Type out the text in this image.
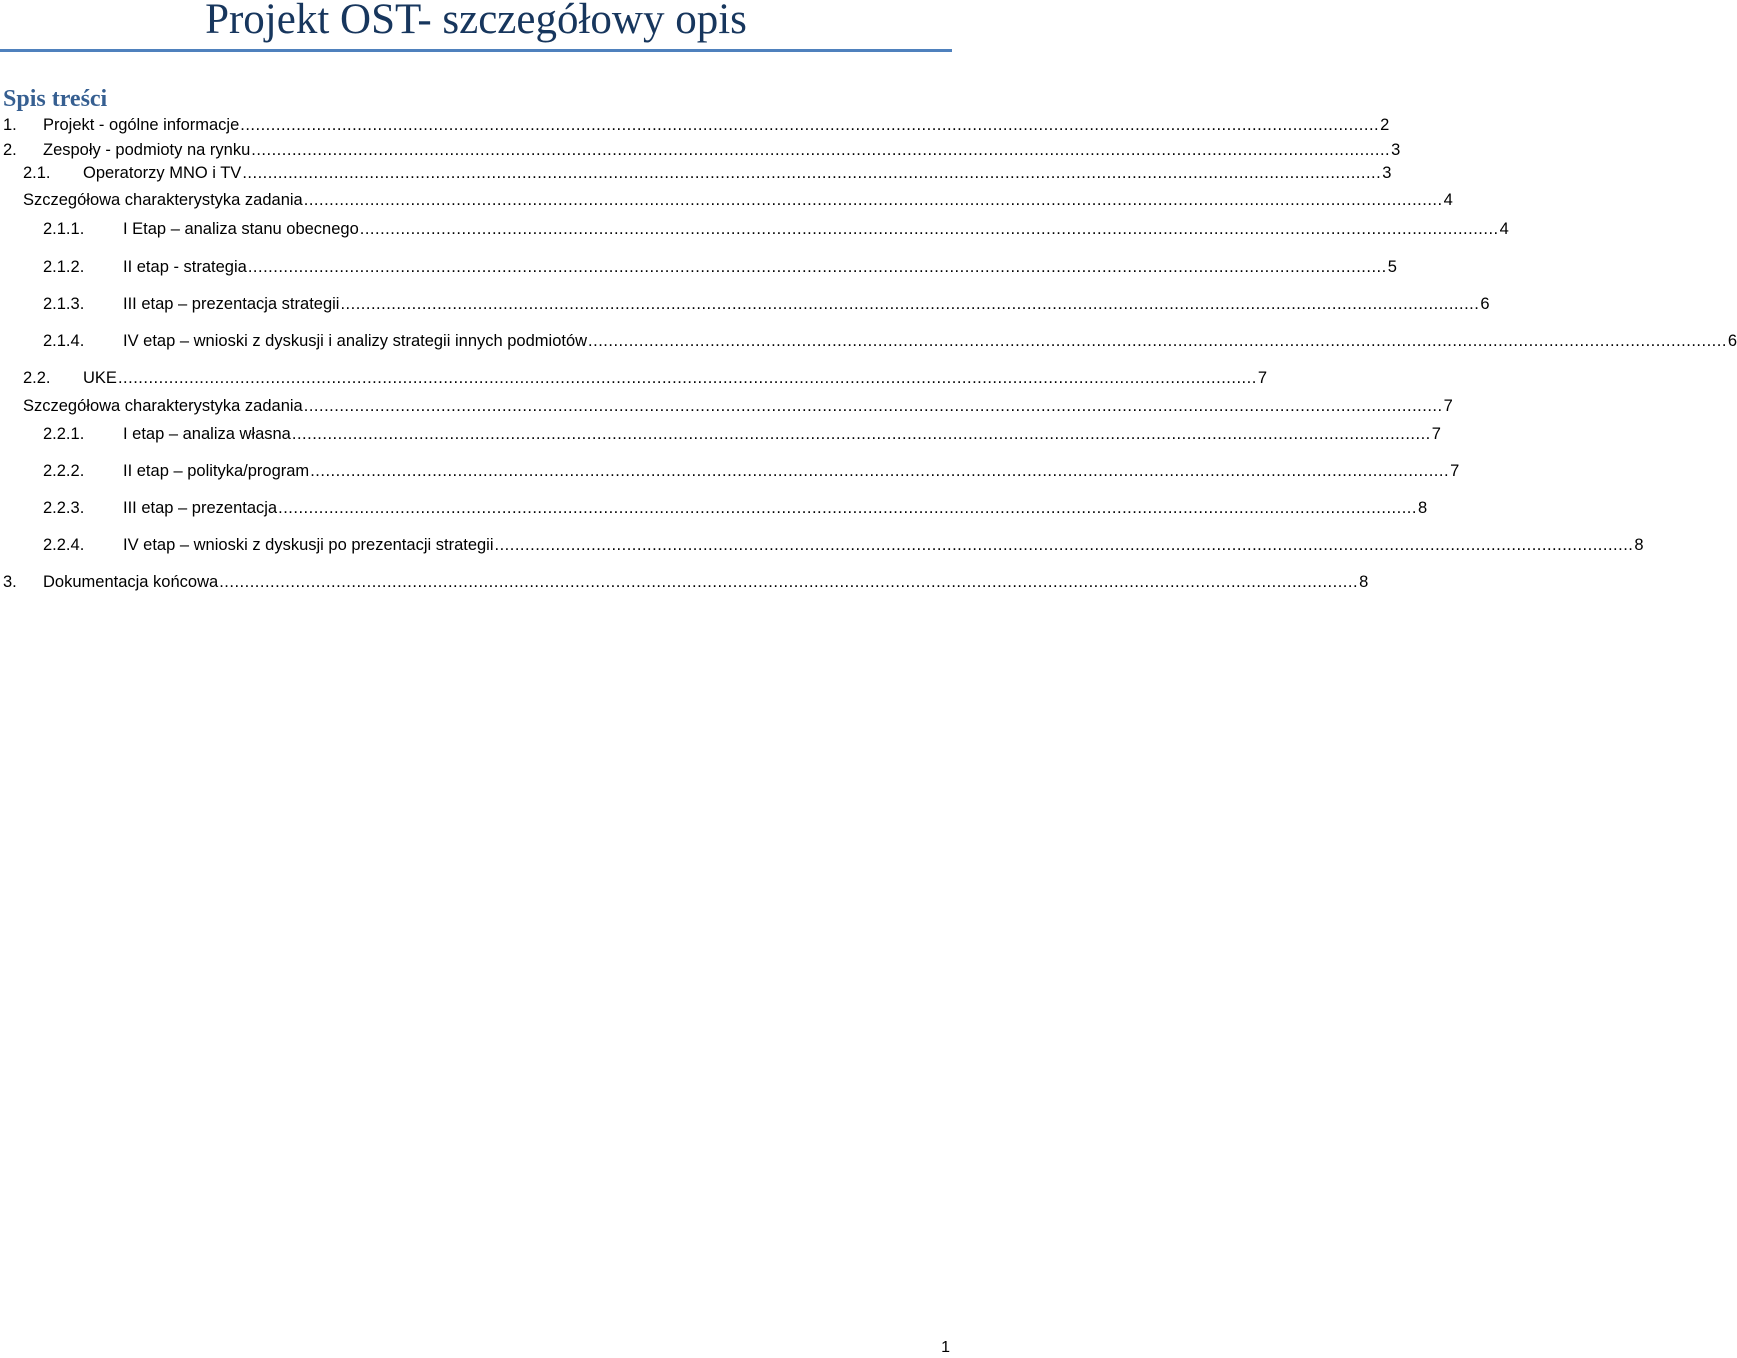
Projekt OST- szczegółowy opis
Spis treści
1.	Projekt - ogólne informacje ................................................................................................................................................................................................................................ 2
2.	Zespoły - podmioty na rynku ................................................................................................................................................................................................................................ 3
2.1.	Operatorzy MNO i TV ................................................................................................................................................................................................................................ 3
Szczegółowa charakterystyka zadania ................................................................................................................................................................................................................................ 4
2.1.1.	I Etap – analiza stanu obecnego ................................................................................................................................................................................................................................ 4
2.1.2.	II etap - strategia ................................................................................................................................................................................................................................ 5
2.1.3.	III etap – prezentacja strategii ................................................................................................................................................................................................................................ 6
2.1.4.	IV etap – wnioski z dyskusji i analizy strategii innych podmiotów ................................................................................................................................................................................................................................ 6
2.2.	UKE ................................................................................................................................................................................................................................ 7
Szczegółowa charakterystyka zadania ................................................................................................................................................................................................................................ 7
2.2.1.	I etap – analiza własna ................................................................................................................................................................................................................................ 7
2.2.2.	II etap – polityka/program ................................................................................................................................................................................................................................ 7
2.2.3.	III etap – prezentacja ................................................................................................................................................................................................................................ 8
2.2.4.	IV etap – wnioski z dyskusji po prezentacji strategii ................................................................................................................................................................................................................................ 8
3.	Dokumentacja końcowa ................................................................................................................................................................................................................................ 8
1
